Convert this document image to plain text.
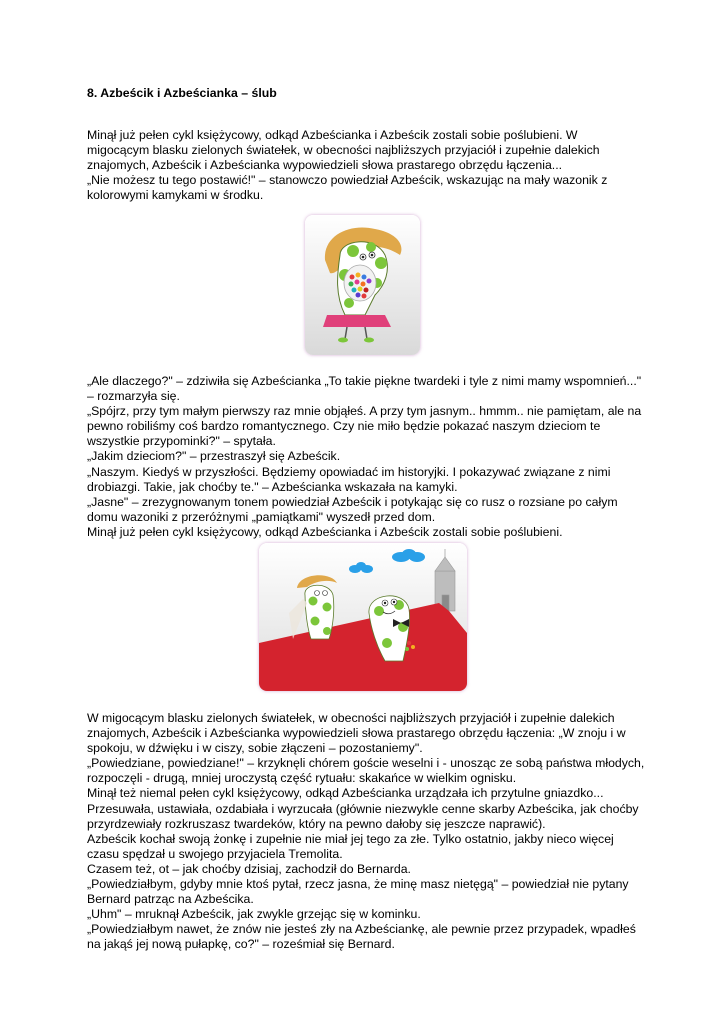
8. Azbeścik i Azbeścianka – ślub
Minął już pełen cykl księżycowy, odkąd Azbeścianka i Azbeścik zostali sobie poślubieni. W
migocącym blasku zielonych światełek, w obecności najbliższych przyjaciół i zupełnie dalekich
znajomych, Azbeścik i Azbeścianka wypowiedzieli słowa prastarego obrzędu łączenia...
„Nie możesz tu tego postawić!" – stanowczo powiedział Azbeścik, wskazując na mały wazonik z
kolorowymi kamykami w środku.
„Ale dlaczego?" – zdziwiła się Azbeścianka „To takie piękne twardeki i tyle z nimi mamy wspomnień..."
– rozmarzyła się.
„Spójrz, przy tym małym pierwszy raz mnie objąłeś. A przy tym jasnym.. hmmm.. nie pamiętam, ale na
pewno robiliśmy coś bardzo romantycznego. Czy nie miło będzie pokazać naszym dzieciom te
wszystkie przypominki?" – spytała.
„Jakim dzieciom?" – przestraszył się Azbeścik.
„Naszym. Kiedyś w przyszłości. Będziemy opowiadać im historyjki. I pokazywać związane z nimi
drobiazgi. Takie, jak choćby te." – Azbeścianka wskazała na kamyki.
„Jasne" – zrezygnowanym tonem powiedział Azbeścik i potykając się co rusz o rozsiane po całym
domu wazoniki z przeróżnymi „pamiątkami" wyszedł przed dom.
Minął już pełen cykl księżycowy, odkąd Azbeścianka i Azbeścik zostali sobie poślubieni.
W migocącym blasku zielonych światełek, w obecności najbliższych przyjaciół i zupełnie dalekich
znajomych, Azbeścik i Azbeścianka wypowiedzieli słowa prastarego obrzędu łączenia: „W znoju i w
spokoju, w dźwięku i w ciszy, sobie złączeni – pozostaniemy".
„Powiedziane, powiedziane!" – krzyknęli chórem goście weselni i - unosząc ze sobą państwa młodych,
rozpoczęli - drugą, mniej uroczystą część rytuału: skakańce w wielkim ognisku.
Minął też niemal pełen cykl księżycowy, odkąd Azbeścianka urządzała ich przytulne gniazdko...
Przesuwała, ustawiała, ozdabiała i wyrzucała (głównie niezwykle cenne skarby Azbeścika, jak choćby
przyrdzewiały rozkruszasz twardeków, który na pewno dałoby się jeszcze naprawić).
Azbeścik kochał swoją żonkę i zupełnie nie miał jej tego za złe. Tylko ostatnio, jakby nieco więcej
czasu spędzał u swojego przyjaciela Tremolita.
Czasem też, ot – jak choćby dzisiaj, zachodził do Bernarda.
„Powiedziałbym, gdyby mnie ktoś pytał, rzecz jasna, że minę masz nietęgą" – powiedział nie pytany
Bernard patrząc na Azbeścika.
„Uhm" – mruknął Azbeścik, jak zwykle grzejąc się w kominku.
„Powiedziałbym nawet, że znów nie jesteś zły na Azbeściankę, ale pewnie przez przypadek, wpadłeś
na jakąś jej nową pułapkę, co?" – roześmiał się Bernard.
